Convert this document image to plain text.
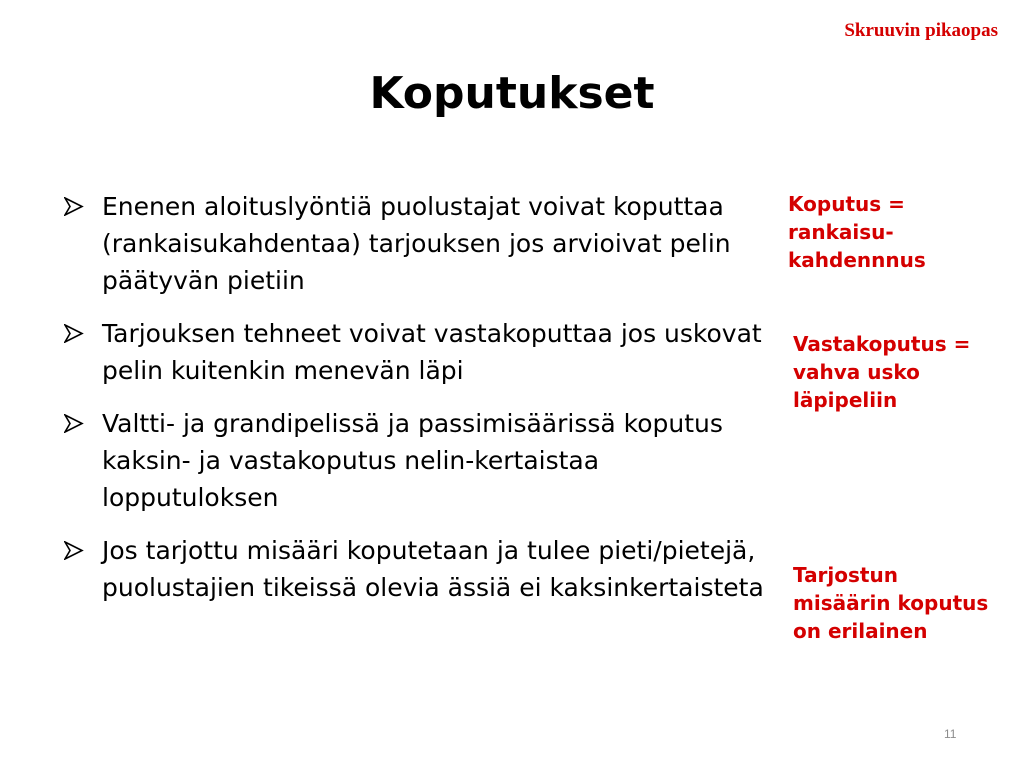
Skruuvin pikaopas
Koputukset
Enenen aloituslyöntiä puolustajat voivat koputtaa (rankaisukahdentaa) tarjouksen jos arvioivat pelin päätyvän pietiin
Tarjouksen tehneet voivat vastakoputtaa jos uskovat pelin kuitenkin menevän läpi
Valtti- ja grandipelissä ja passimisäärissä koputus kaksin- ja vastakoputus nelin-kertaistaa lopputuloksen
Jos tarjottu misääri koputetaan ja tulee pieti/pietejä, puolustajien tikeissä olevia ässiä ei kaksinkertaisteta
Koputus = rankaisu-kahdennnus
Vastakoputus = vahva usko läpipeliin
Tarjostun misäärin koputus on erilainen
11
